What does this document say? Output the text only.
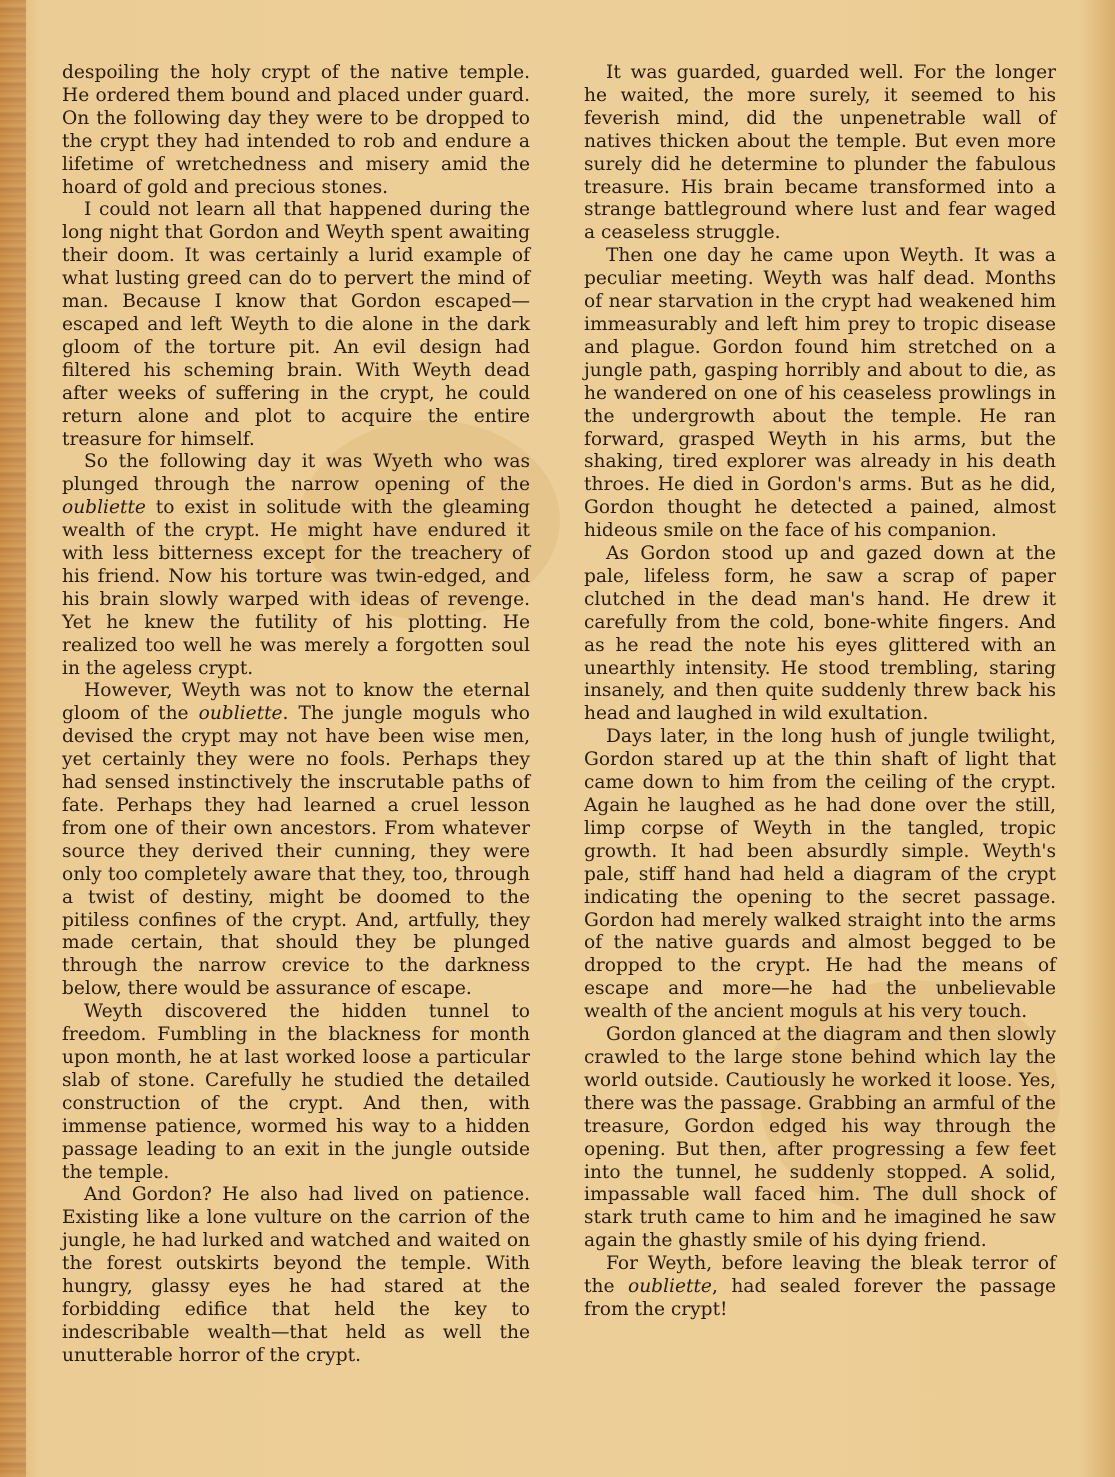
despoiling the holy crypt of the native temple. He ordered them bound and placed under guard. On the following day they were to be dropped to the crypt they had intended to rob and endure a lifetime of wretchedness and misery amid the hoard of gold and precious stones.

I could not learn all that happened during the long night that Gordon and Weyth spent awaiting their doom. It was certainly a lurid example of what lusting greed can do to pervert the mind of man. Because I know that Gordon escaped—escaped and left Weyth to die alone in the dark gloom of the torture pit. An evil design had filtered his scheming brain. With Weyth dead after weeks of suffering in the crypt, he could return alone and plot to acquire the entire treasure for himself.

So the following day it was Wyeth who was plunged through the narrow opening of the oubliette to exist in solitude with the gleaming wealth of the crypt. He might have endured it with less bitterness except for the treachery of his friend. Now his torture was twin-edged, and his brain slowly warped with ideas of revenge. Yet he knew the futility of his plotting. He realized too well he was merely a forgotten soul in the ageless crypt.

However, Weyth was not to know the eternal gloom of the oubliette. The jungle moguls who devised the crypt may not have been wise men, yet certainly they were no fools. Perhaps they had sensed instinctively the inscrutable paths of fate. Perhaps they had learned a cruel lesson from one of their own ancestors. From whatever source they derived their cunning, they were only too completely aware that they, too, through a twist of destiny, might be doomed to the pitiless confines of the crypt. And, artfully, they made certain, that should they be plunged through the narrow crevice to the darkness below, there would be assurance of escape.

Weyth discovered the hidden tunnel to freedom. Fumbling in the blackness for month upon month, he at last worked loose a particular slab of stone. Carefully he studied the detailed construction of the crypt. And then, with immense patience, wormed his way to a hidden passage leading to an exit in the jungle outside the temple.

And Gordon? He also had lived on patience. Existing like a lone vulture on the carrion of the jungle, he had lurked and watched and waited on the forest outskirts beyond the temple. With hungry, glassy eyes he had stared at the forbidding edifice that held the key to indescribable wealth—that held as well the unutterable horror of the crypt.

It was guarded, guarded well. For the longer he waited, the more surely, it seemed to his feverish mind, did the unpenetrable wall of natives thicken about the temple. But even more surely did he determine to plunder the fabulous treasure. His brain became transformed into a strange battleground where lust and fear waged a ceaseless struggle.

Then one day he came upon Weyth. It was a peculiar meeting. Weyth was half dead. Months of near starvation in the crypt had weakened him immeasurably and left him prey to tropic disease and plague. Gordon found him stretched on a jungle path, gasping horribly and about to die, as he wandered on one of his ceaseless prowlings in the undergrowth about the temple. He ran forward, grasped Weyth in his arms, but the shaking, tired explorer was already in his death throes. He died in Gordon's arms. But as he did, Gordon thought he detected a pained, almost hideous smile on the face of his companion.

As Gordon stood up and gazed down at the pale, lifeless form, he saw a scrap of paper clutched in the dead man's hand. He drew it carefully from the cold, bone-white fingers. And as he read the note his eyes glittered with an unearthly intensity. He stood trembling, staring insanely, and then quite suddenly threw back his head and laughed in wild exultation.

Days later, in the long hush of jungle twilight, Gordon stared up at the thin shaft of light that came down to him from the ceiling of the crypt. Again he laughed as he had done over the still, limp corpse of Weyth in the tangled, tropic growth. It had been absurdly simple. Weyth's pale, stiff hand had held a diagram of the crypt indicating the opening to the secret passage. Gordon had merely walked straight into the arms of the native guards and almost begged to be dropped to the crypt. He had the means of escape and more—he had the unbelievable wealth of the ancient moguls at his very touch.

Gordon glanced at the diagram and then slowly crawled to the large stone behind which lay the world outside. Cautiously he worked it loose. Yes, there was the passage. Grabbing an armful of the treasure, Gordon edged his way through the opening. But then, after progressing a few feet into the tunnel, he suddenly stopped. A solid, impassable wall faced him. The dull shock of stark truth came to him and he imagined he saw again the ghastly smile of his dying friend.

For Weyth, before leaving the bleak terror of the oubliette, had sealed forever the passage from the crypt!
